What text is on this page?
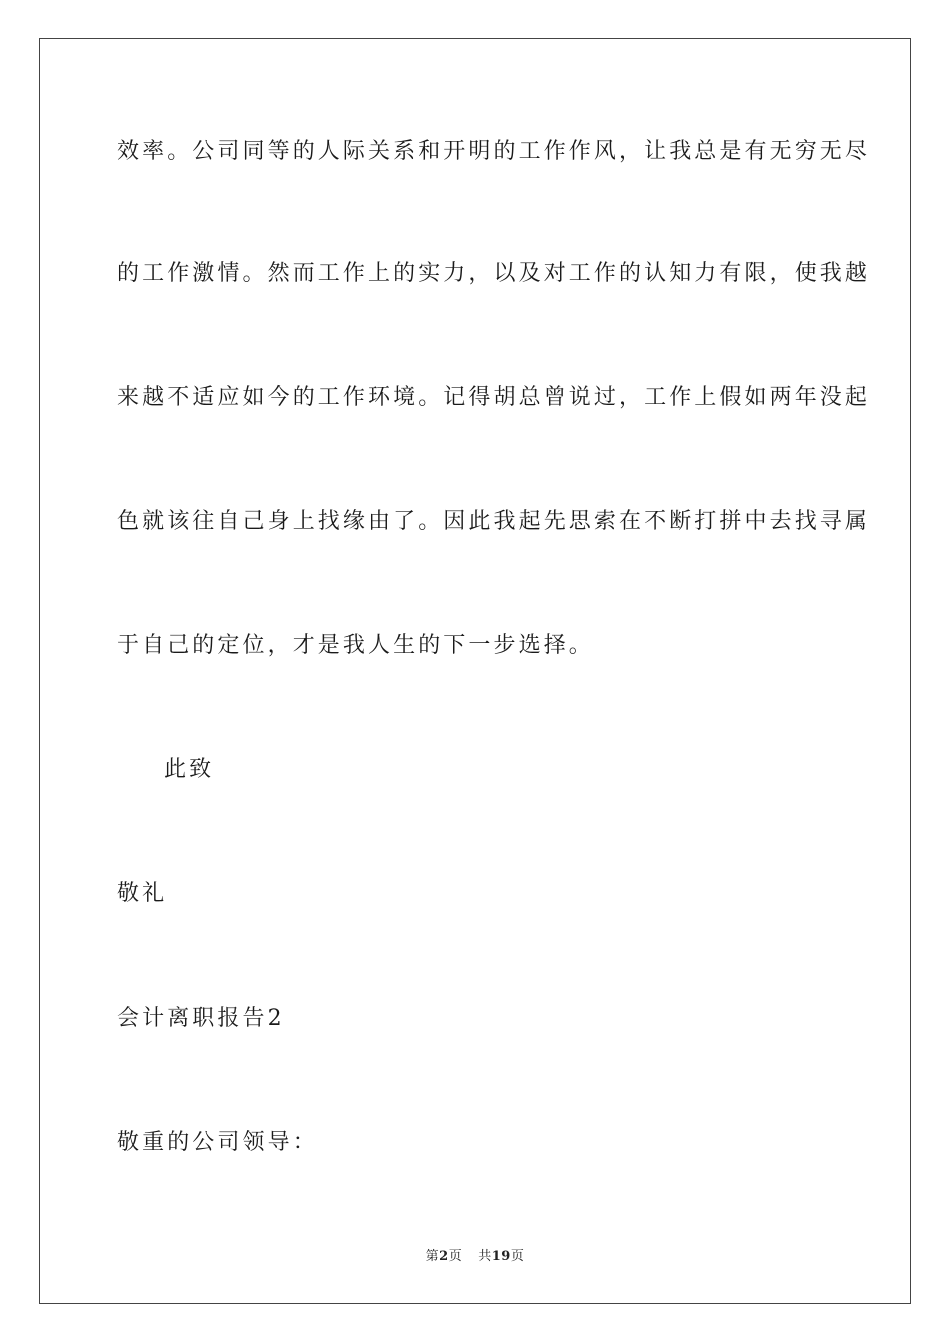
效率。公司同等的人际关系和开明的工作作风，让我总是有无穷无尽
的工作激情。然而工作上的实力，以及对工作的认知力有限，使我越
来越不适应如今的工作环境。记得胡总曾说过，工作上假如两年没起
色就该往自己身上找缘由了。因此我起先思索在不断打拼中去找寻属
于自己的定位，才是我人生的下一步选择。
此致
敬礼
会计离职报告2
敬重的公司领导：
第2页 共19页
